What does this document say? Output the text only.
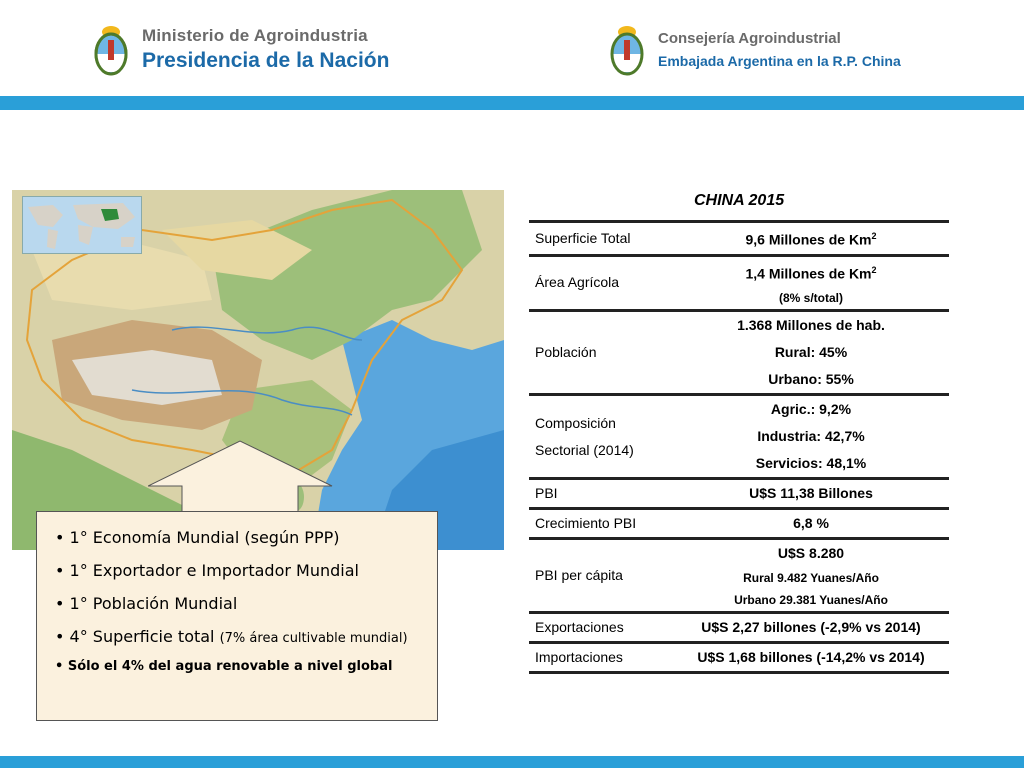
Ministerio de Agroindustria
Presidencia de la Nación
Consejería Agroindustrial
Embajada Argentina en la R.P. China
• 1° Economía Mundial (según PPP)
• 1° Exportador e Importador Mundial
• 1° Población Mundial
• 4° Superficie total (7% área cultivable mundial)
• Sólo el 4% del agua renovable a nivel global
CHINA 2015
Superficie Total	9,6 Millones de Km$^2$

Área Agrícola	1,4 Millones de Km$^2$
(8% s/total)

Población	1.368 Millones de hab.
Rural: 45%
Urbano: 55%

Composición
Sectorial (2014)	Agric.: 9,2%
Industria: 42,7%
Servicios: 48,1%

PBI	U$S 11,38 Billones

Crecimiento PBI	6,8 %

PBI per cápita	U$S 8.280
Rural 9.482 Yuanes/Año
Urbano 29.381 Yuanes/Año

Exportaciones	U$S 2,27 billones (-2,9% vs 2014)

Importaciones	U$S 1,68 billones (-14,2% vs 2014)
